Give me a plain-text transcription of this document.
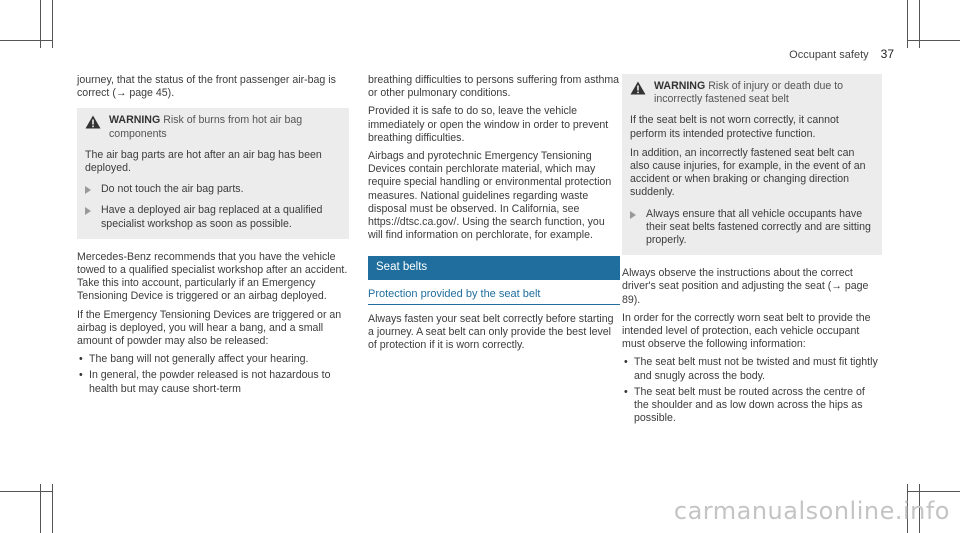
Occupant safety 37

journey, that the status of the front passenger air-bag is correct (→ page 45).

WARNING Risk of burns from hot air bag components

The air bag parts are hot after an air bag has been deployed.

Do not touch the air bag parts.
Have a deployed air bag replaced at a qualified specialist workshop as soon as possible.

Mercedes-Benz recommends that you have the vehicle towed to a qualified specialist workshop after an accident. Take this into account, particularly if an Emergency Tensioning Device is triggered or an airbag deployed.

If the Emergency Tensioning Devices are triggered or an airbag is deployed, you will hear a bang, and a small amount of powder may also be released:

• The bang will not generally affect your hearing.
• In general, the powder released is not hazardous to health but may cause short-term

breathing difficulties to persons suffering from asthma or other pulmonary conditions.

Provided it is safe to do so, leave the vehicle immediately or open the window in order to prevent breathing difficulties.

Airbags and pyrotechnic Emergency Tensioning Devices contain perchlorate material, which may require special handling or environmental protection measures. National guidelines regarding waste disposal must be observed. In California, see https://dtsc.ca.gov/. Using the search function, you will find information on perchlorate, for example.

Seat belts
Protection provided by the seat belt

Always fasten your seat belt correctly before starting a journey. A seat belt can only provide the best level of protection if it is worn correctly.

WARNING Risk of injury or death due to incorrectly fastened seat belt

If the seat belt is not worn correctly, it cannot perform its intended protective function.

In addition, an incorrectly fastened seat belt can also cause injuries, for example, in the event of an accident or when braking or changing direction suddenly.

Always ensure that all vehicle occupants have their seat belts fastened correctly and are sitting properly.

Always observe the instructions about the correct driver's seat position and adjusting the seat (→ page 89).

In order for the correctly worn seat belt to provide the intended level of protection, each vehicle occupant must observe the following information:

• The seat belt must not be twisted and must fit tightly and snugly across the body.
• The seat belt must be routed across the centre of the shoulder and as low down across the hips as possible.
carmanualsonline.info
